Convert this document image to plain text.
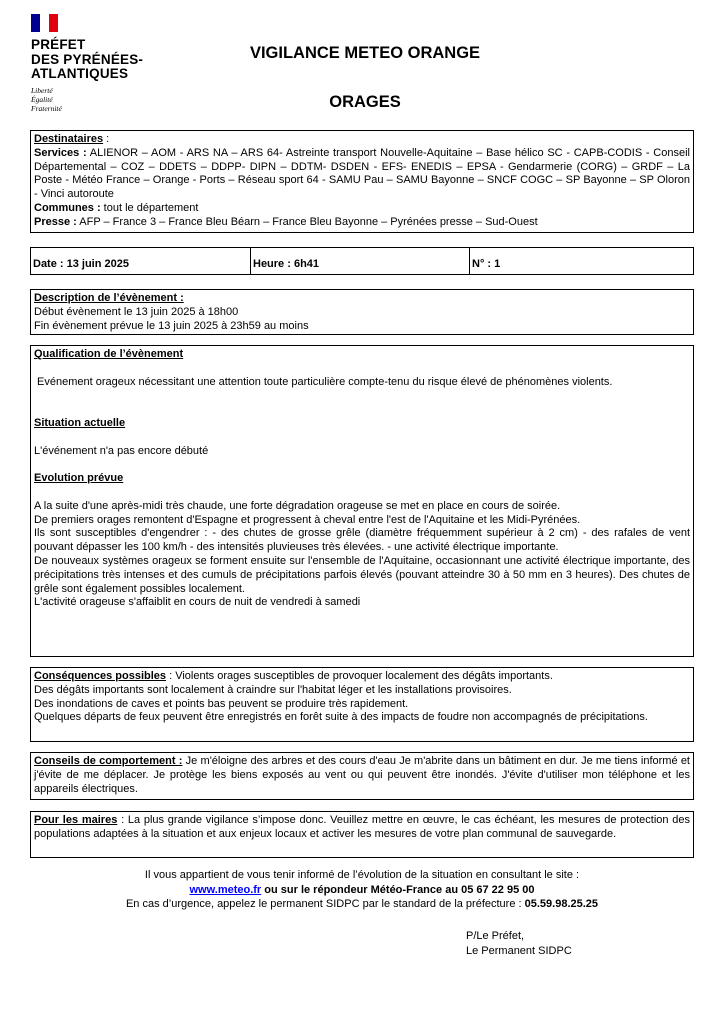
PRÉFET
DES PYRÉNÉES-
ATLANTIQUES
Liberté
Égalité
Fraternité
VIGILANCE METEO ORANGE
ORAGES
Destinataires :
Services : ALIENOR – AOM - ARS NA – ARS 64- Astreinte transport Nouvelle-Aquitaine – Base hélico SC - CAPB-CODIS - Conseil Départemental – COZ – DDETS – DDPP- DIPN – DDTM- DSDEN - EFS- ENEDIS – EPSA - Gendarmerie (CORG) – GRDF – La Poste - Météo France – Orange - Ports – Réseau sport 64 - SAMU Pau – SAMU Bayonne – SNCF COGC – SP Bayonne – SP Oloron - Vinci autoroute
Communes : tout le département
Presse : AFP – France 3 – France Bleu Béarn – France Bleu Bayonne – Pyrénées presse – Sud-Ouest
Date : 13 juin 2025	Heure : 6h41	N° : 1
Description de l’évènement :
Début évènement le 13 juin 2025 à 18h00
Fin évènement prévue le 13 juin 2025 à 23h59 au moins
Qualification de l’évènement
Evénement orageux nécessitant une attention toute particulière compte-tenu du risque élevé de phénomènes violents.
Situation actuelle
L'événement n'a pas encore débuté
Evolution prévue
A la suite d'une après-midi très chaude, une forte dégradation orageuse se met en place en cours de soirée.
De premiers orages remontent d'Espagne et progressent à cheval entre l'est de l'Aquitaine et les Midi-Pyrénées.
Ils sont susceptibles d'engendrer : - des chutes de grosse grêle (diamètre fréquemment supérieur à 2 cm) - des rafales de vent pouvant dépasser les 100 km/h - des intensités pluvieuses très élevées. - une activité électrique importante.
De nouveaux systèmes orageux se forment ensuite sur l'ensemble de l'Aquitaine, occasionnant une activité électrique importante, des précipitations très intenses et des cumuls de précipitations parfois élevés (pouvant atteindre 30 à 50 mm en 3 heures). Des chutes de grêle sont également possibles localement.
L'activité orageuse s'affaiblit en cours de nuit de vendredi à samedi
Conséquences possibles : Violents orages susceptibles de provoquer localement des dégâts importants.
Des dégâts importants sont localement à craindre sur l'habitat léger et les installations provisoires.
Des inondations de caves et points bas peuvent se produire très rapidement.
Quelques départs de feux peuvent être enregistrés en forêt suite à des impacts de foudre non accompagnés de précipitations.
Conseils de comportement : Je m'éloigne des arbres et des cours d'eau Je m'abrite dans un bâtiment en dur. Je me tiens informé et j'évite de me déplacer. Je protège les biens exposés au vent ou qui peuvent être inondés. J'évite d'utiliser mon téléphone et les appareils électriques.
Pour les maires : La plus grande vigilance s’impose donc. Veuillez mettre en œuvre, le cas échéant, les mesures de protection des populations adaptées à la situation et aux enjeux locaux et activer les mesures de votre plan communal de sauvegarde.
Il vous appartient de vous tenir informé de l’évolution de la situation en consultant le site :
www.meteo.fr ou sur le répondeur Météo-France au 05 67 22 95 00
En cas d’urgence, appelez le permanent SIDPC par le standard de la préfecture : 05.59.98.25.25
P/Le Préfet,
Le Permanent SIDPC
